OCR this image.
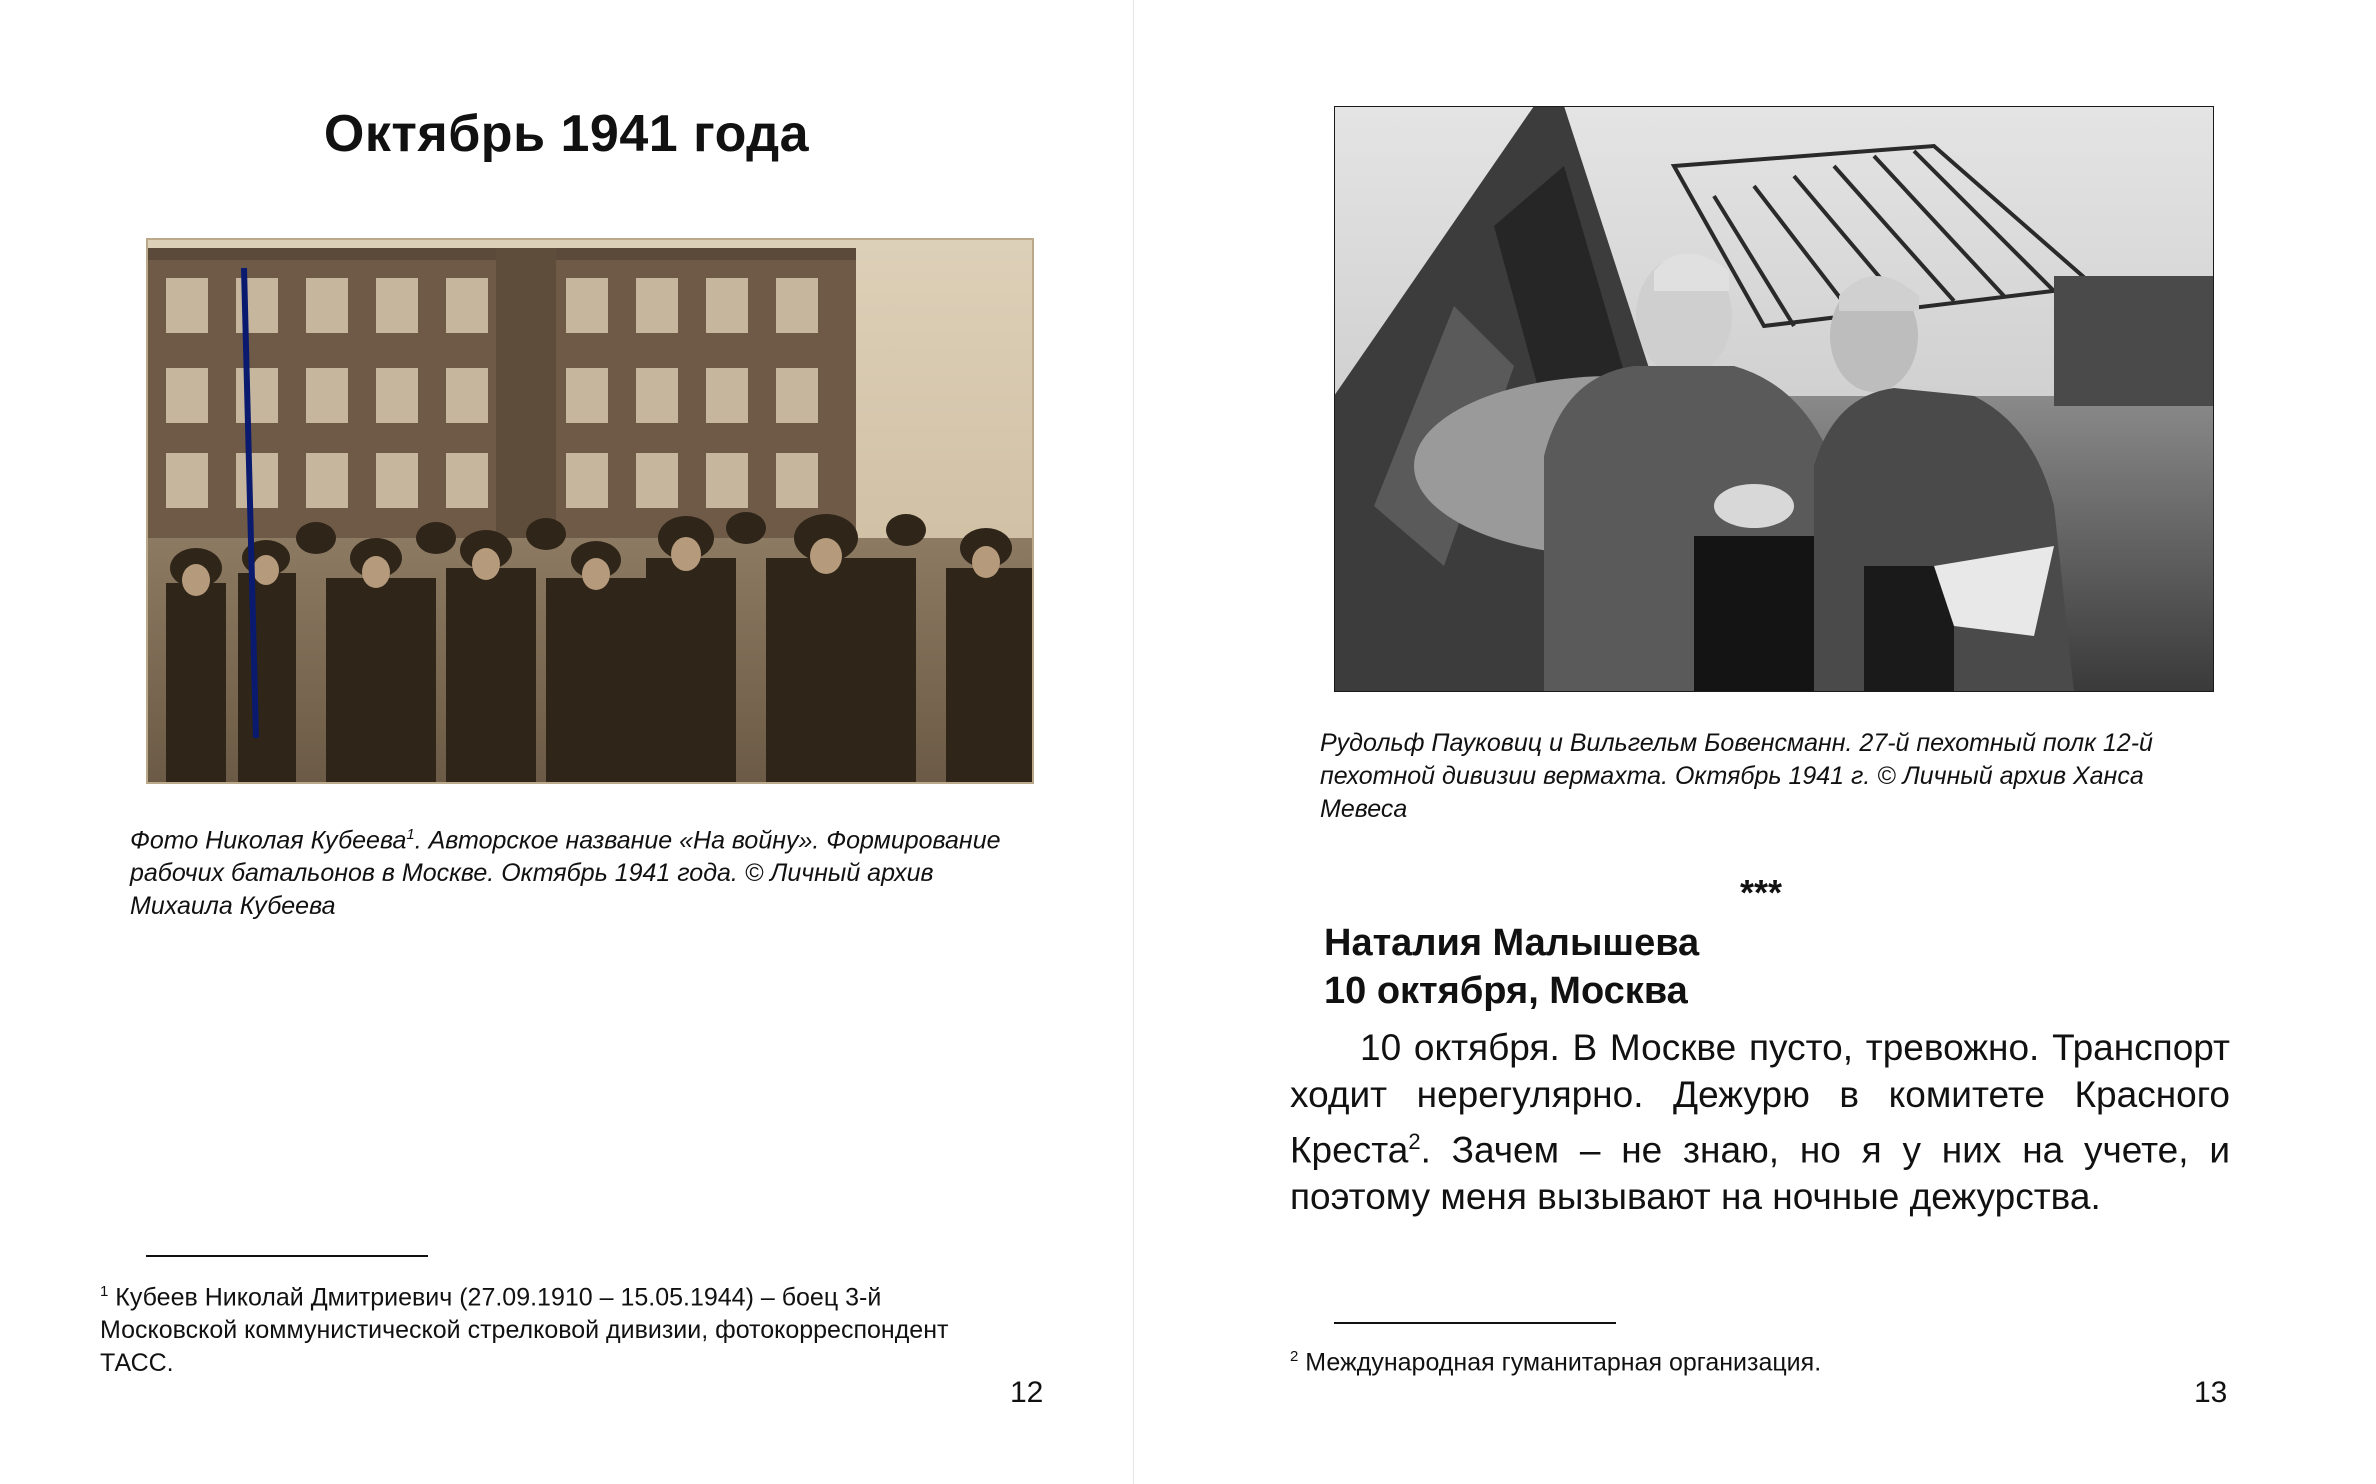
Октябрь 1941 года
Фото Николая Кубеева$^1$. Авторское название «На войну». Формирование рабочих батальонов в Москве. Октябрь 1941 года. © Личный архив Михаила Кубеева
$^1$ Кубеев Николай Дмитриевич (27.09.1910 – 15.05.1944) – боец 3-й Московской коммунистической стрелковой дивизии, фотокорреспондент ТАСС.
12
Рудольф Пауковиц и Вильгельм Бовенсманн. 27-й пехотный полк 12-й пехотной дивизии вермахта. Октябрь 1941 г. © Личный архив Ханса Мевеса
***
Наталия Малышева
10 октября, Москва

10 октября. В Москве пусто, тревожно. Транспорт ходит нерегулярно. Дежурю в комитете Красного Креста$^2$. Зачем – не знаю, но я у них на учете, и поэтому меня вызывают на ночные дежурства.

$^2$ Международная гуманитарная организация.
13
